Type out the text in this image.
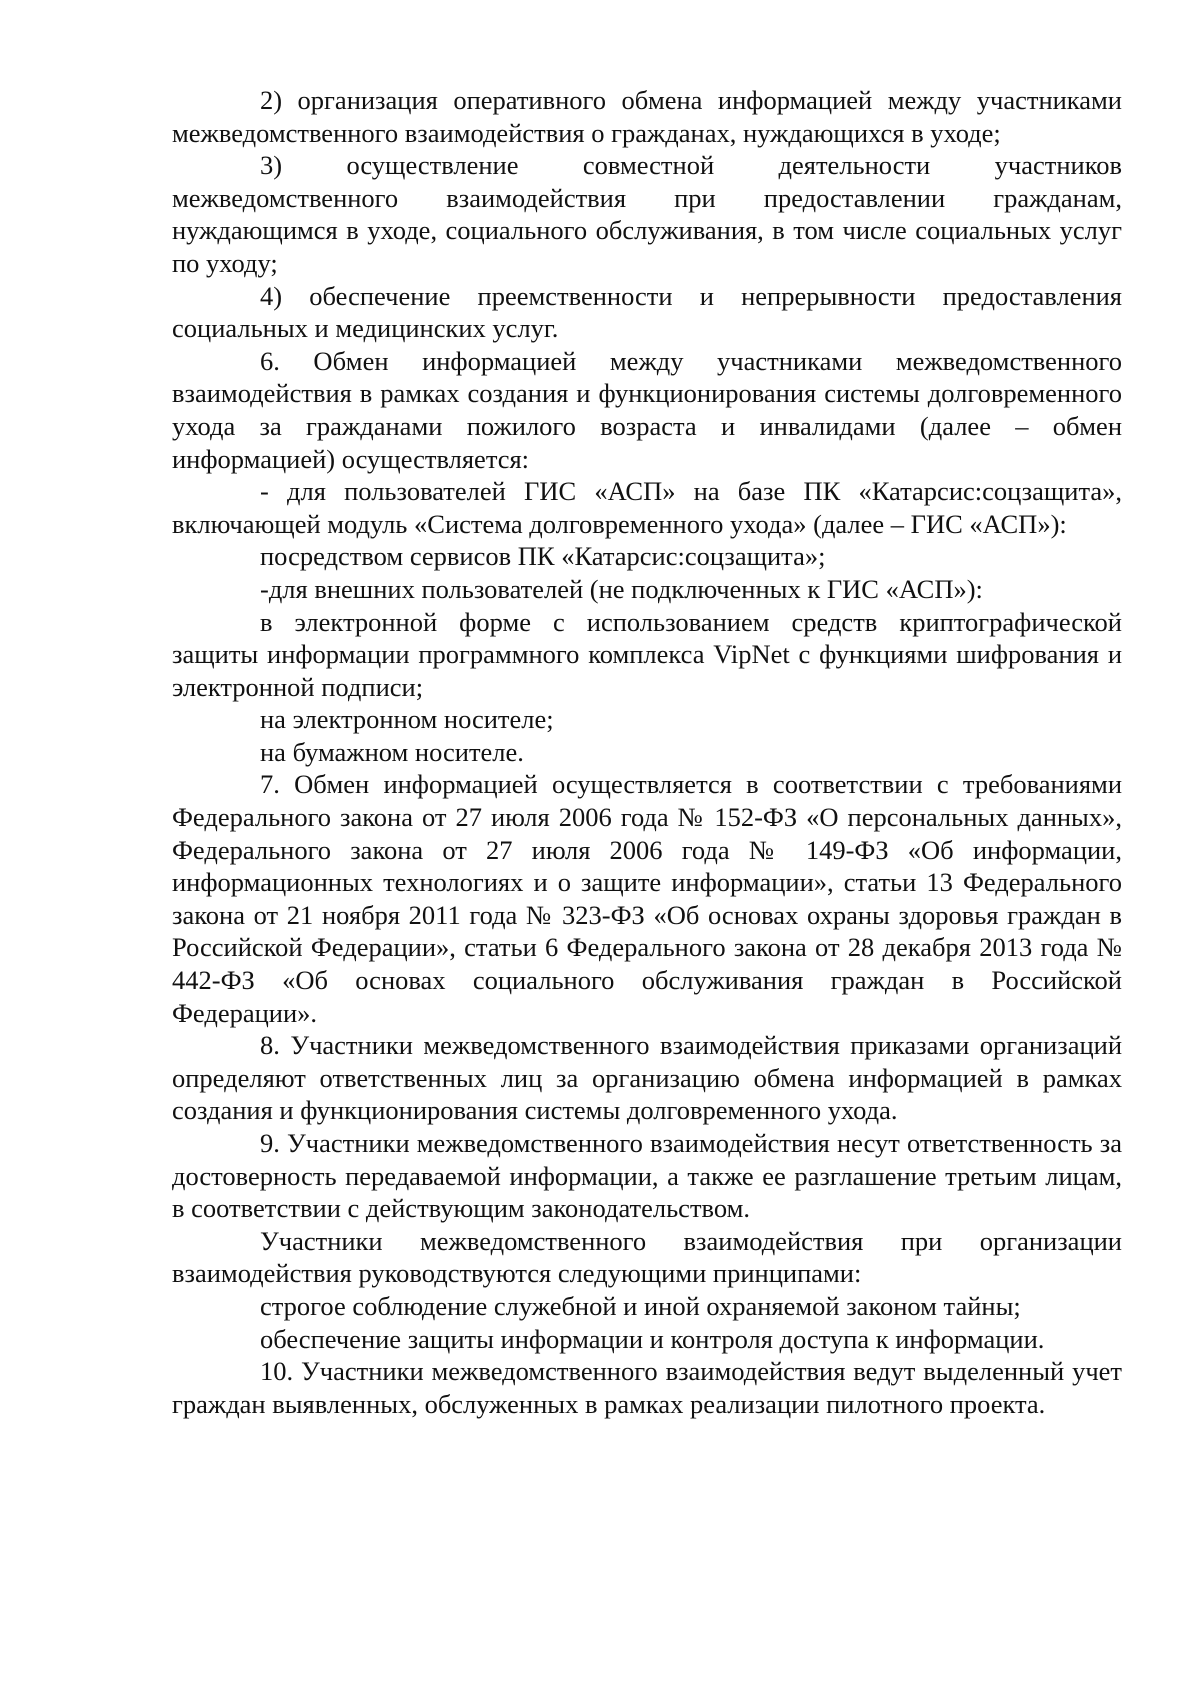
2) организация оперативного обмена информацией между участниками межведомственного взаимодействия о гражданах, нуждающихся в уходе;

3) осуществление совместной деятельности участников межведомственного взаимодействия при предоставлении гражданам, нуждающимся в уходе, социального обслуживания, в том числе социальных услуг по уходу;

4) обеспечение преемственности и непрерывности предоставления социальных и медицинских услуг.

6. Обмен информацией между участниками межведомственного взаимодействия в рамках создания и функционирования системы долговременного ухода за гражданами пожилого возраста и инвалидами (далее – обмен информацией) осуществляется:

- для пользователей ГИС «АСП» на базе ПК «Катарсис:соцзащита», включающей модуль «Система долговременного ухода» (далее – ГИС «АСП»):

посредством сервисов ПК «Катарсис:соцзащита»;

-для внешних пользователей (не подключенных к ГИС «АСП»):

в электронной форме с использованием средств криптографической защиты информации программного комплекса VipNet с функциями шифрования и электронной подписи;

на электронном носителе;

на бумажном носителе.

7. Обмен информацией осуществляется в соответствии с требованиями Федерального закона от 27 июля 2006 года № 152-ФЗ «О персональных данных», Федерального закона от 27 июля 2006 года № 149-ФЗ «Об информации, информационных технологиях и о защите информации», статьи 13 Федерального закона от 21 ноября 2011 года № 323-ФЗ «Об основах охраны здоровья граждан в Российской Федерации», статьи 6 Федерального закона от 28 декабря 2013 года № 442-ФЗ «Об основах социального обслуживания граждан в Российской Федерации».

8. Участники межведомственного взаимодействия приказами организаций определяют ответственных лиц за организацию обмена информацией в рамках создания и функционирования системы долговременного ухода.

9. Участники межведомственного взаимодействия несут ответственность за достоверность передаваемой информации, а также ее разглашение третьим лицам, в соответствии с действующим законодательством.

Участники межведомственного взаимодействия при организации взаимодействия руководствуются следующими принципами:

строгое соблюдение служебной и иной охраняемой законом тайны;

обеспечение защиты информации и контроля доступа к информации.

10. Участники межведомственного взаимодействия ведут выделенный учет граждан выявленных, обслуженных в рамках реализации пилотного проекта.
